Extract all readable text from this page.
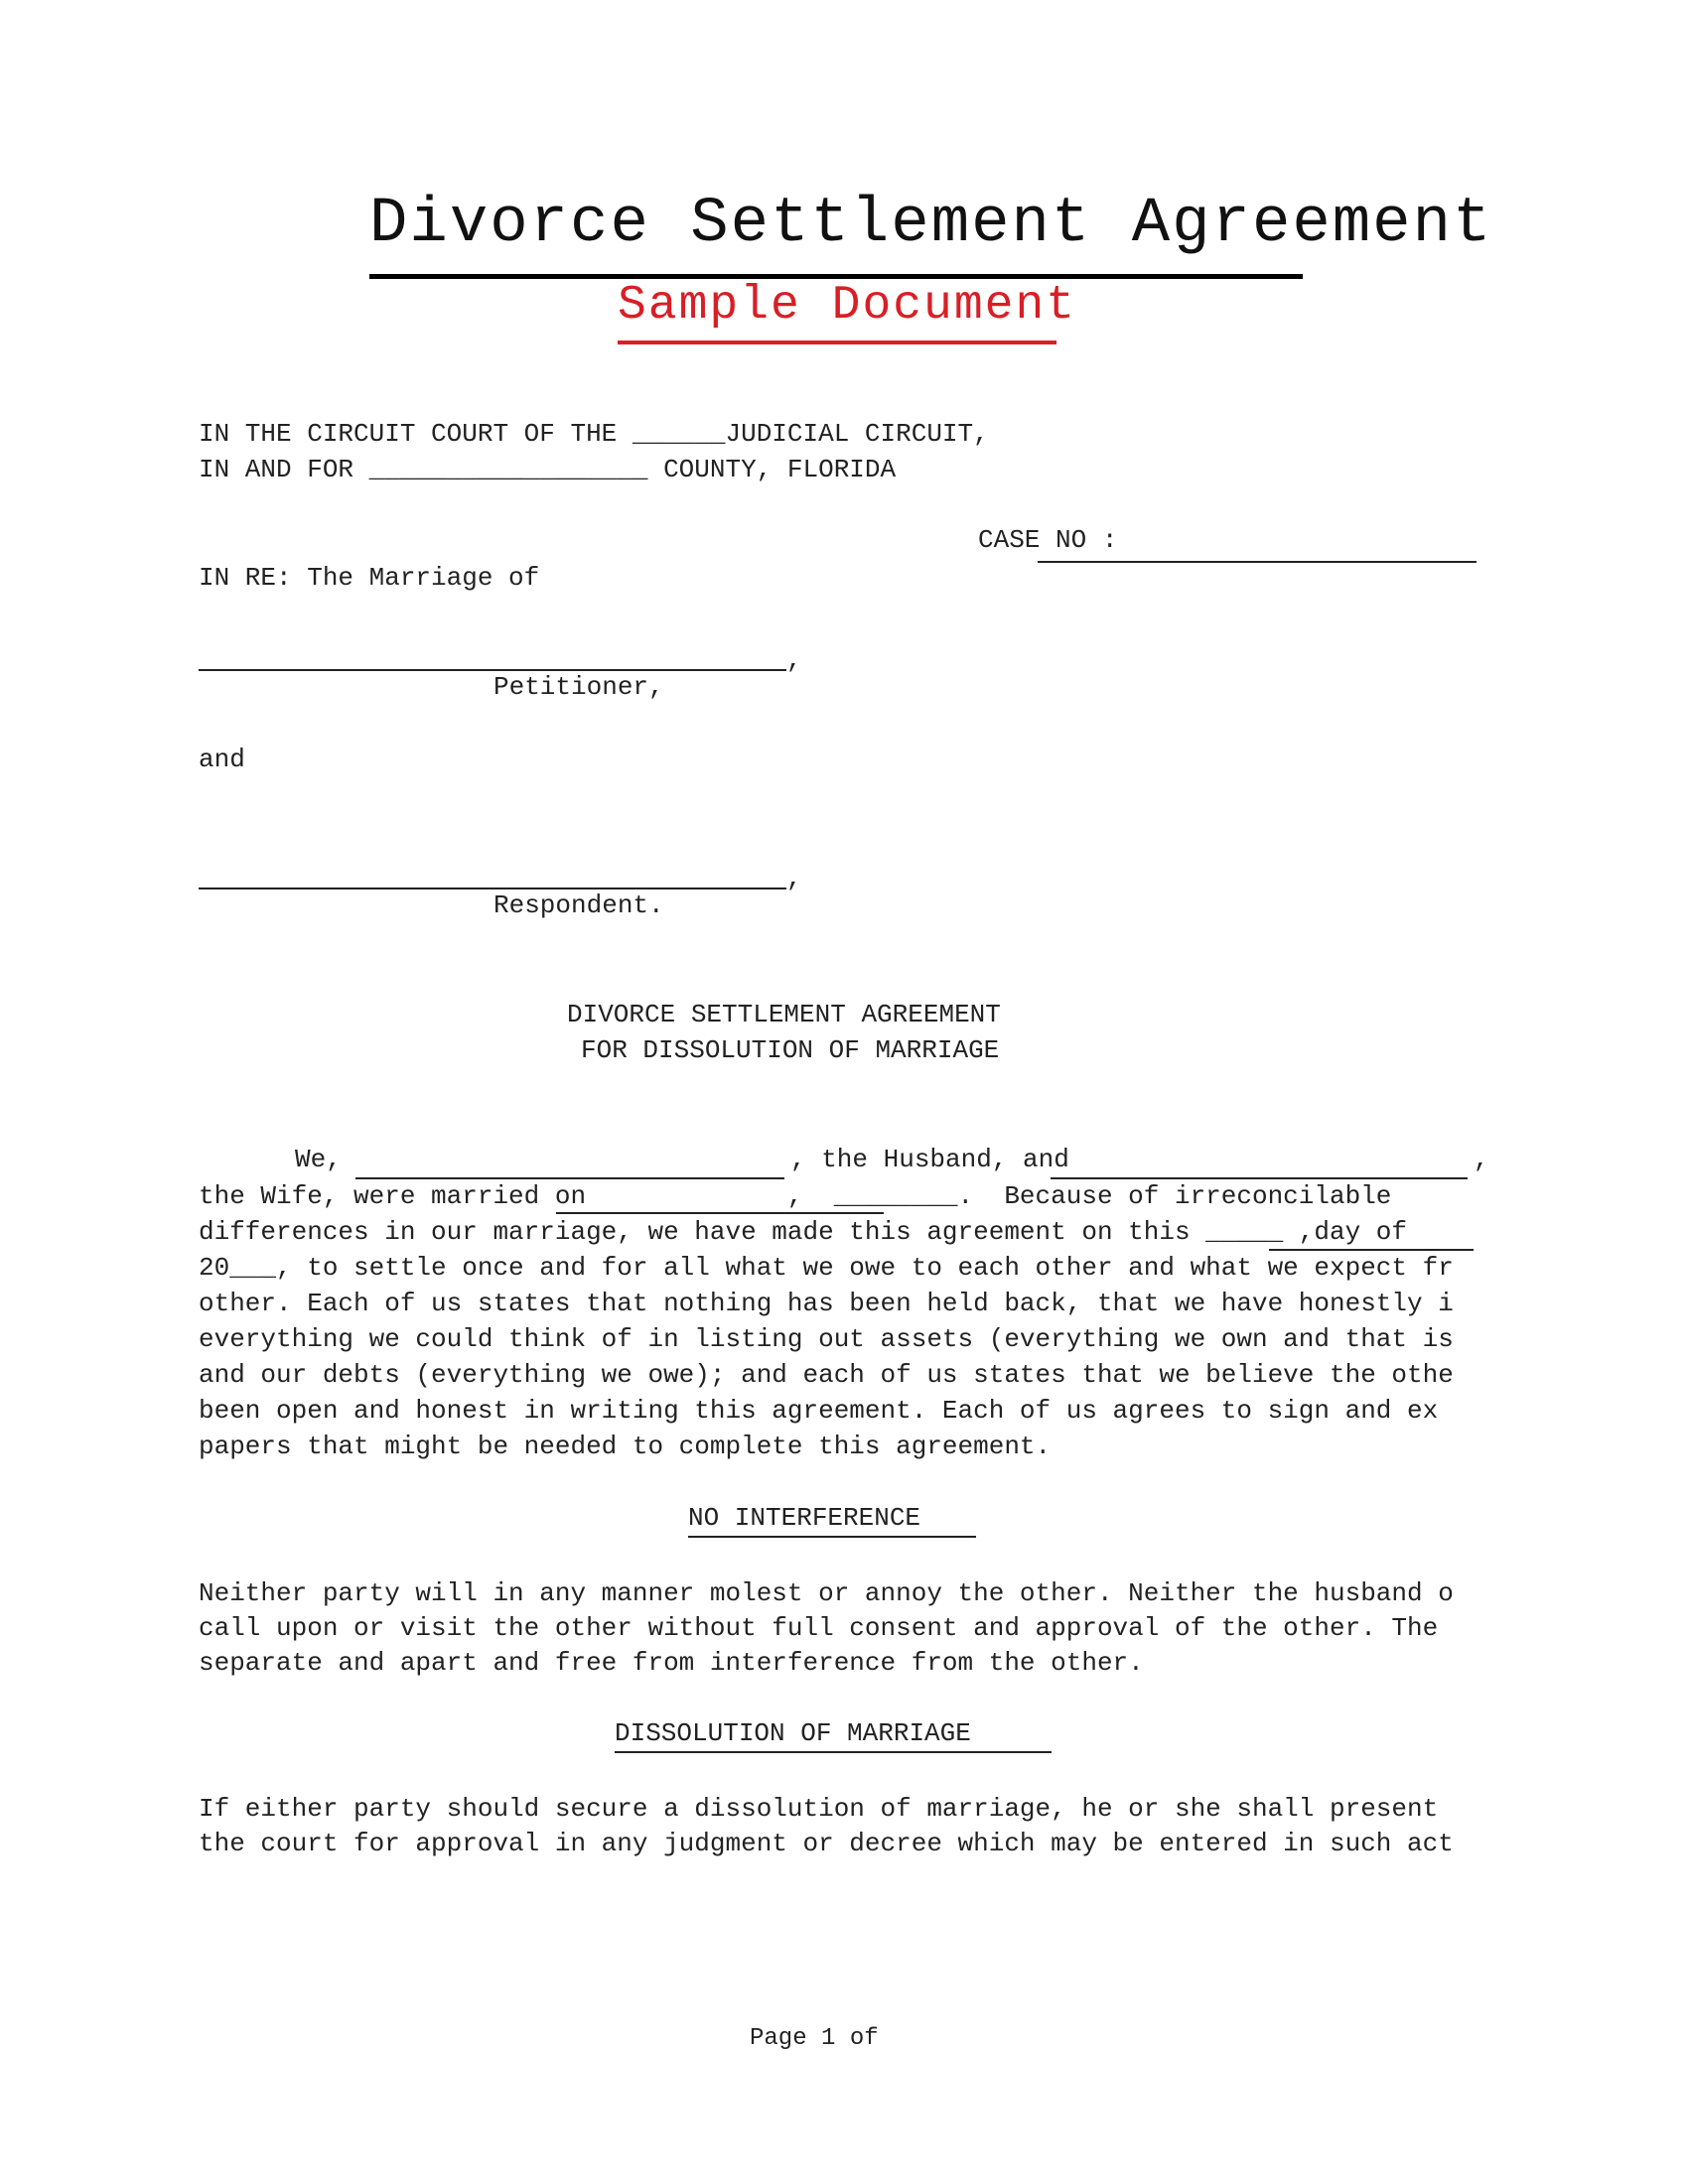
Divorce Settlement Agreement
Sample Document
IN THE CIRCUIT COURT OF THE ______JUDICIAL CIRCUIT,
IN AND FOR __________________ COUNTY, FLORIDA
CASE NO :
IN RE: The Marriage of
,
Petitioner,
and
,
Respondent.
DIVORCE SETTLEMENT AGREEMENT
FOR DISSOLUTION OF MARRIAGE
We,	, the Husband, and	,
the Wife, were married on             ,  ________.  Because of irreconcilable
differences in our marriage, we have made this agreement on this _____ ,day of
20___, to settle once and for all what we owe to each other and what we expect fr
other. Each of us states that nothing has been held back, that we have honestly i
everything we could think of in listing out assets (everything we own and that is
and our debts (everything we owe); and each of us states that we believe the othe
been open and honest in writing this agreement. Each of us agrees to sign and ex
papers that might be needed to complete this agreement.
NO INTERFERENCE
Neither party will in any manner molest or annoy the other. Neither the husband o
call upon or visit the other without full consent and approval of the other. The
separate and apart and free from interference from the other.
DISSOLUTION OF MARRIAGE
If either party should secure a dissolution of marriage, he or she shall present
the court for approval in any judgment or decree which may be entered in such act
Page 1 of
